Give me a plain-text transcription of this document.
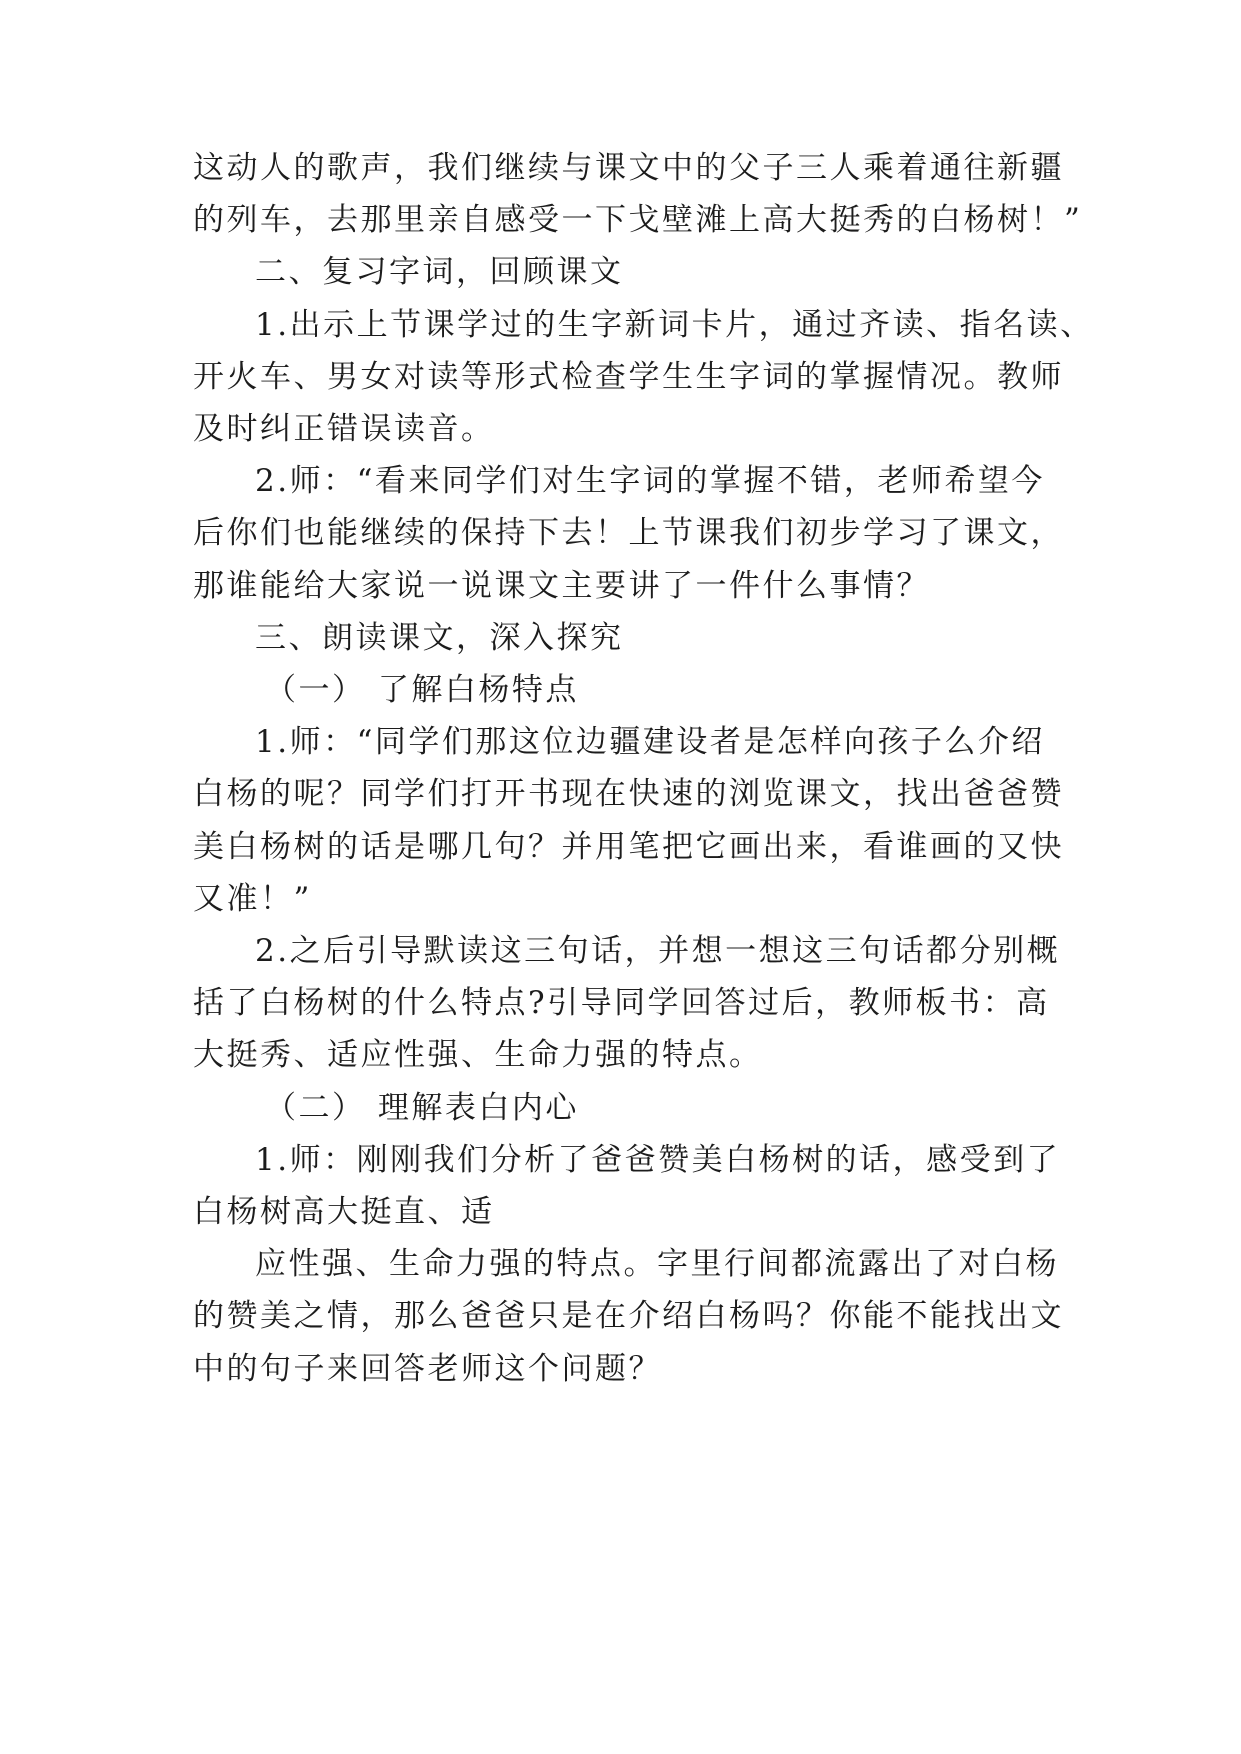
这动人的歌声，我们继续与课文中的父子三人乘着通往新疆
的列车，去那里亲自感受一下戈壁滩上高大挺秀的白杨树！”
二、复习字词，回顾课文
1.出示上节课学过的生字新词卡片，通过齐读、指名读、
开火车、男女对读等形式检查学生生字词的掌握情况。教师
及时纠正错误读音。
2.师：“看来同学们对生字词的掌握不错，老师希望今
后你们也能继续的保持下去！上节课我们初步学习了课文，
那谁能给大家说一说课文主要讲了一件什么事情？
三、朗读课文，深入探究
（一） 了解白杨特点
1.师：“同学们那这位边疆建设者是怎样向孩子么介绍
白杨的呢？同学们打开书现在快速的浏览课文，找出爸爸赞
美白杨树的话是哪几句？并用笔把它画出来，看谁画的又快
又准！”
2.之后引导默读这三句话，并想一想这三句话都分别概
括了白杨树的什么特点?引导同学回答过后，教师板书：高
大挺秀、适应性强、生命力强的特点。
（二） 理解表白内心
1.师：刚刚我们分析了爸爸赞美白杨树的话，感受到了
白杨树高大挺直、适
应性强、生命力强的特点。字里行间都流露出了对白杨
的赞美之情，那么爸爸只是在介绍白杨吗？你能不能找出文
中的句子来回答老师这个问题？
